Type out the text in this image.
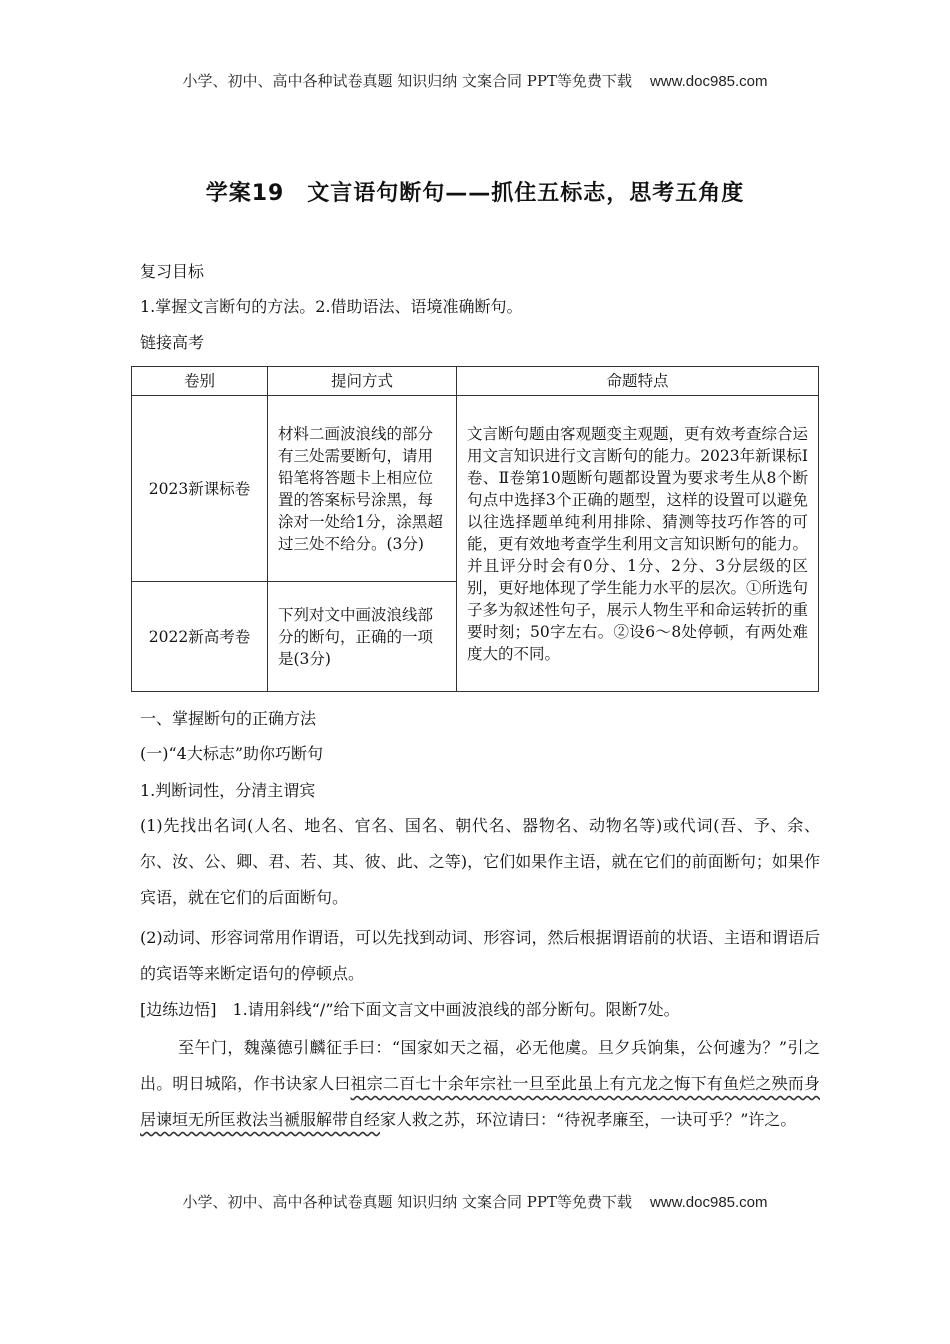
小学、初中、高中各种试卷真题 知识归纳 文案合同 PPT等免费下载 www.doc985.com
学案19　文言语句断句——抓住五标志，思考五角度
复习目标
1.掌握文言断句的方法。2.借助语法、语境准确断句。
链接高考
卷别	提问方式	命题特点
2023新课标卷	材料二画波浪线的部分有三处需要断句，请用铅笔将答题卡上相应位置的答案标号涂黑，每涂对一处给1分，涂黑超过三处不给分。(3分)	文言断句题由客观题变主观题，更有效考查综合运用文言知识进行文言断句的能力。2023年新课标Ⅰ卷、Ⅱ卷第10题断句题都设置为要求考生从8个断句点中选择3个正确的题型，这样的设置可以避免以往选择题单纯利用排除、猜测等技巧作答的可能，更有效地考查学生利用文言知识断句的能力。并且评分时会有0分、1分、2分、3分层级的区别，更好地体现了学生能力水平的层次。①所选句子多为叙述性句子，展示人物生平和命运转折的重要时刻；50字左右。②设6～8处停顿，有两处难度大的不同。
2022新高考卷	下列对文中画波浪线部分的断句，正确的一项是(3分)	
一、掌握断句的正确方法
(一)“4大标志”助你巧断句
1.判断词性，分清主谓宾
(1)先找出名词(人名、地名、官名、国名、朝代名、器物名、动物名等)或代词(吾、予、余、尔、汝、公、卿、君、若、其、彼、此、之等)，它们如果作主语，就在它们的前面断句；如果作宾语，就在它们的后面断句。
(2)动词、形容词常用作谓语，可以先找到动词、形容词，然后根据谓语前的状语、主语和谓语后的宾语等来断定语句的停顿点。
[边练边悟]　1.请用斜线“/”给下面文言文中画波浪线的部分断句。限断7处。
至午门，魏藻德引麟征手曰：“国家如天之福，必无他虞。旦夕兵饷集，公何遽为？”引之出。明日城陷，作书诀家人曰祖宗二百七十余年宗社一旦至此虽上有亢龙之悔下有鱼烂之殃而身居谏垣无所匡救法当褫服解带自经家人救之苏，环泣请曰：“待祝孝廉至，一诀可乎？”许之。
小学、初中、高中各种试卷真题 知识归纳 文案合同 PPT等免费下载 www.doc985.com
